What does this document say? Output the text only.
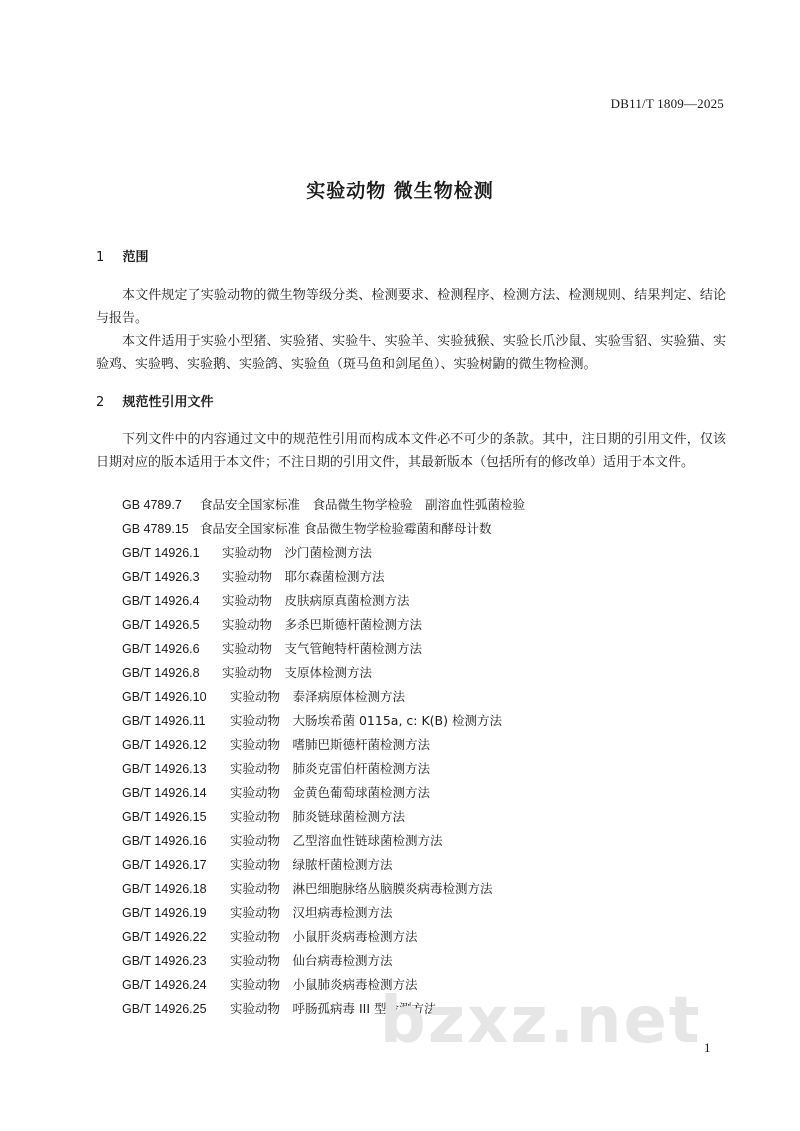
DB11/T 1809—2025
实验动物 微生物检测
1 范围

本文件规定了实验动物的微生物等级分类、检测要求、检测程序、检测方法、检测规则、结果判定、结论与报告。

本文件适用于实验小型猪、实验猪、实验牛、实验羊、实验狨猴、实验长爪沙鼠、实验雪貂、实验猫、实验鸡、实验鸭、实验鹅、实验鸽、实验鱼（斑马鱼和剑尾鱼）、实验树鼩的微生物检测。

2 规范性引用文件

下列文件中的内容通过文中的规范性引用而构成本文件必不可少的条款。其中，注日期的引用文件，仅该日期对应的版本适用于本文件；不注日期的引用文件，其最新版本（包括所有的修改单）适用于本文件。

GB 4789.7 食品安全国家标准　食品微生物学检验　副溶血性弧菌检验
GB 4789.15 食品安全国家标准 食品微生物学检验霉菌和酵母计数
GB/T 14926.1 实验动物　沙门菌检测方法
GB/T 14926.3 实验动物　耶尔森菌检测方法
GB/T 14926.4 实验动物　皮肤病原真菌检测方法
GB/T 14926.5 实验动物　多杀巴斯德杆菌检测方法
GB/T 14926.6 实验动物　支气管鲍特杆菌检测方法
GB/T 14926.8 实验动物　支原体检测方法
GB/T 14926.10 实验动物　泰泽病原体检测方法
GB/T 14926.11 实验动物　大肠埃希菌 0115a, c: K(B) 检测方法
GB/T 14926.12 实验动物　嗜肺巴斯德杆菌检测方法
GB/T 14926.13 实验动物　肺炎克雷伯杆菌检测方法
GB/T 14926.14 实验动物　金黄色葡萄球菌检测方法
GB/T 14926.15 实验动物　肺炎链球菌检测方法
GB/T 14926.16 实验动物　乙型溶血性链球菌检测方法
GB/T 14926.17 实验动物　绿脓杆菌检测方法
GB/T 14926.18 实验动物　淋巴细胞脉络丛脑膜炎病毒检测方法
GB/T 14926.19 实验动物　汉坦病毒检测方法
GB/T 14926.22 实验动物　小鼠肝炎病毒检测方法
GB/T 14926.23 实验动物　仙台病毒检测方法
GB/T 14926.24 实验动物　小鼠肺炎病毒检测方法
GB/T 14926.25 实验动物　呼肠孤病毒 III 型检测方法
bzxz.net 1
